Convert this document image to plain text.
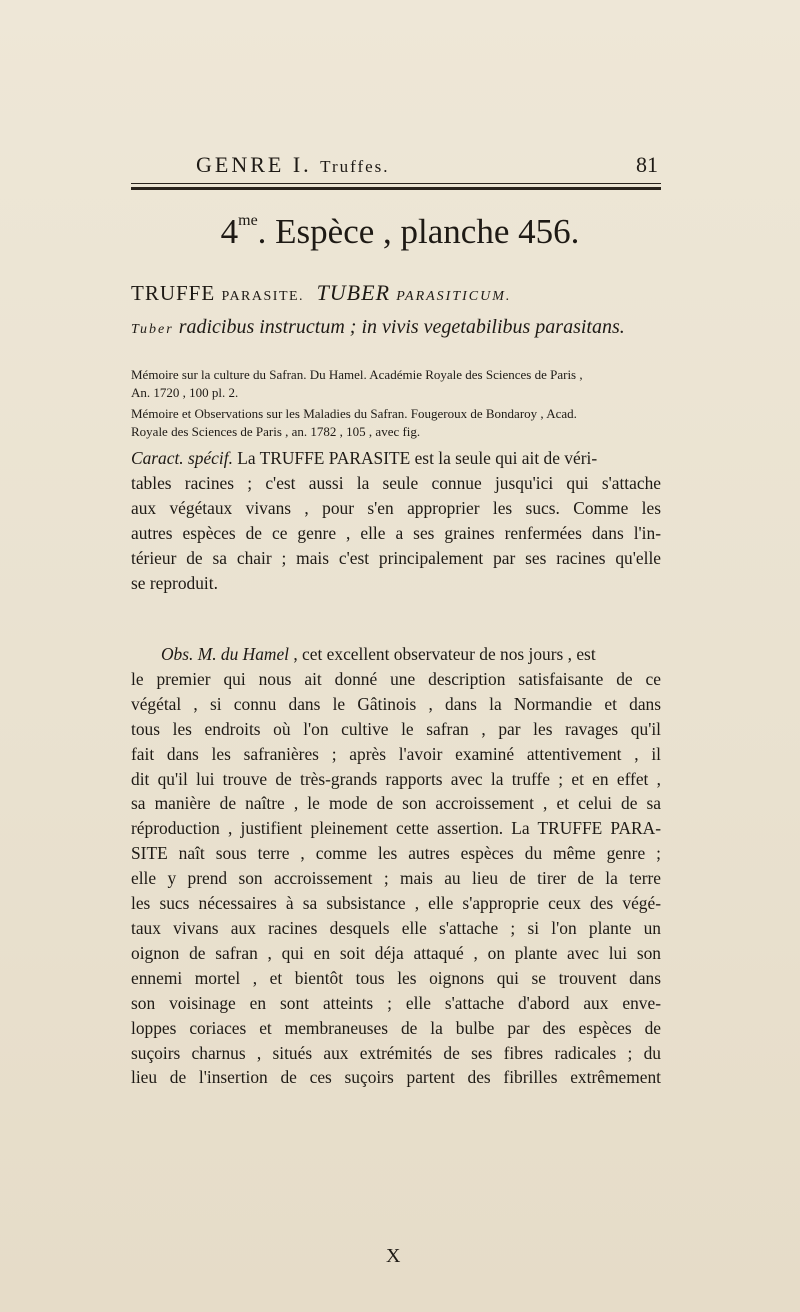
GENRE I. Truffes.	81
$4^{me}$. Espèce , planche 456.
TRUFFE PARASITE. TUBER PARASITICUM.
Tuber radicibus instructum ; in vivis vegetabilibus parasitans.
Mémoire sur la culture du Safran. Du Hamel. Académie Royale des Sciences de Paris ,
An. 1720 , 100 pl. 2.
Mémoire et Observations sur les Maladies du Safran. Fougeroux de Bondaroy , Acad.
Royale des Sciences de Paris , an. 1782 , 105 , avec fig.
Caract. spécif. La TRUFFE PARASITE est la seule qui ait de véri-
tables racines ; c'est aussi la seule connue jusqu'ici qui s'attache
aux végétaux vivans , pour s'en approprier les sucs. Comme les
autres espèces de ce genre , elle a ses graines renfermées dans l'in-
térieur de sa chair ; mais c'est principalement par ses racines qu'elle
se reproduit.
Obs. M. du Hamel , cet excellent observateur de nos jours , est
le premier qui nous ait donné une description satisfaisante de ce
végétal , si connu dans le Gâtinois , dans la Normandie et dans
tous les endroits où l'on cultive le safran , par les ravages qu'il
fait dans les safranières ; après l'avoir examiné attentivement , il
dit qu'il lui trouve de très-grands rapports avec la truffe ; et en effet ,
sa manière de naître , le mode de son accroissement , et celui de sa
réproduction , justifient pleinement cette assertion. La TRUFFE PARA-
SITE naît sous terre , comme les autres espèces du même genre ;
elle y prend son accroissement ; mais au lieu de tirer de la terre
les sucs nécessaires à sa subsistance , elle s'approprie ceux des végé-
taux vivans aux racines desquels elle s'attache ; si l'on plante un
oignon de safran , qui en soit déja attaqué , on plante avec lui son
ennemi mortel , et bientôt tous les oignons qui se trouvent dans
son voisinage en sont atteints ; elle s'attache d'abord aux enve-
loppes coriaces et membraneuses de la bulbe par des espèces de
suçoirs charnus , situés aux extrémités de ses fibres radicales ; du
lieu de l'insertion de ces suçoirs partent des fibrilles extrêmement
X
